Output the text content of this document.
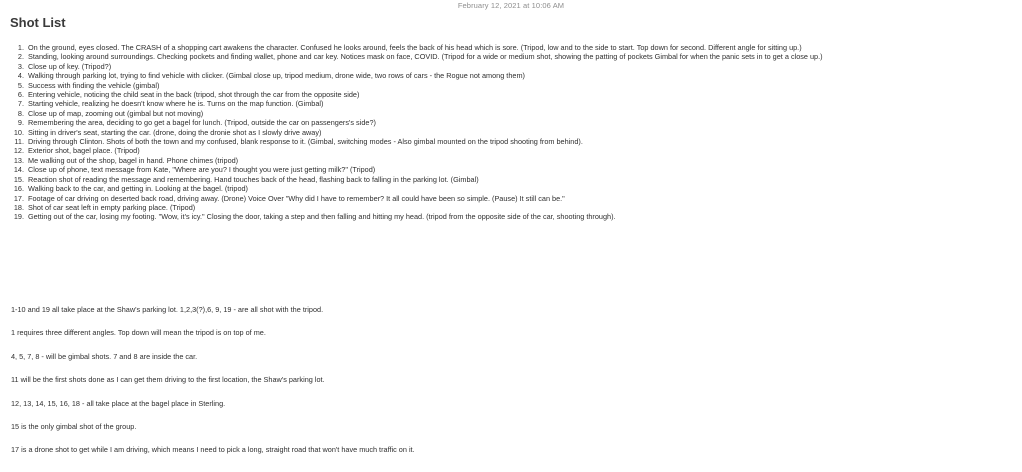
February 12, 2021 at 10:06 AM
Shot List
1. On the ground, eyes closed. The CRASH of a shopping cart awakens the character. Confused he looks around, feels the back of his head which is sore. (Tripod, low and to the side to start. Top down for second. Different angle for sitting up.)
2. Standing, looking around surroundings. Checking pockets and finding wallet, phone and car key. Notices mask on face, COVID. (Tripod for a wide or medium shot, showing the patting of pockets Gimbal for when the panic sets in to get a close up.)
3. Close up of key. (Tripod?)
4. Walking through parking lot, trying to find vehicle with clicker. (Gimbal close up, tripod medium, drone wide, two rows of cars - the Rogue not among them)
5. Success with finding the vehicle (gimbal)
6. Entering vehicle, noticing the child seat in the back (tripod, shot through the car from the opposite side)
7. Starting vehicle, realizing he doesn't know where he is. Turns on the map function. (Gimbal)
8. Close up of map, zooming out (gimbal but not moving)
9. Remembering the area, deciding to go get a bagel for lunch. (Tripod, outside the car on passengers's side?)
10. Sitting in driver's seat, starting the car. (drone, doing the dronie shot as I slowly drive away)
11. Driving through Clinton. Shots of both the town and my confused, blank response to it. (Gimbal, switching modes - Also gimbal mounted on the tripod shooting from behind).
12. Exterior shot, bagel place. (Tripod)
13. Me walking out of the shop, bagel in hand. Phone chimes (tripod)
14. Close up of phone, text message from Kate, "Where are you? I thought you were just getting milk?" (Tripod)
15. Reaction shot of reading the message and remembering. Hand touches back of the head, flashing back to falling in the parking lot. (Gimbal)
16. Walking back to the car, and getting in. Looking at the bagel. (tripod)
17. Footage of car driving on deserted back road, driving away. (Drone) Voice Over "Why did I have to remember? It all could have been so simple. (Pause) It still can be."
18. Shot of car seat left in empty parking place. (Tripod)
19. Getting out of the car, losing my footing. "Wow, it's icy." Closing the door, taking a step and then falling and hitting my head. (tripod from the opposite side of the car, shooting through).

1-10 and 19 all take place at the Shaw's parking lot. 1,2,3(?),6, 9, 19 - are all shot with the tripod.

1 requires three different angles. Top down will mean the tripod is on top of me.

4, 5, 7, 8 - will be gimbal shots. 7 and 8 are inside the car.

11 will be the first shots done as I can get them driving to the first location, the Shaw's parking lot.

12, 13, 14, 15, 16, 18 - all take place at the bagel place in Sterling.

15 is the only gimbal shot of the group.

17 is a drone shot to get while I am driving, which means I need to pick a long, straight road that won't have much traffic on it.
